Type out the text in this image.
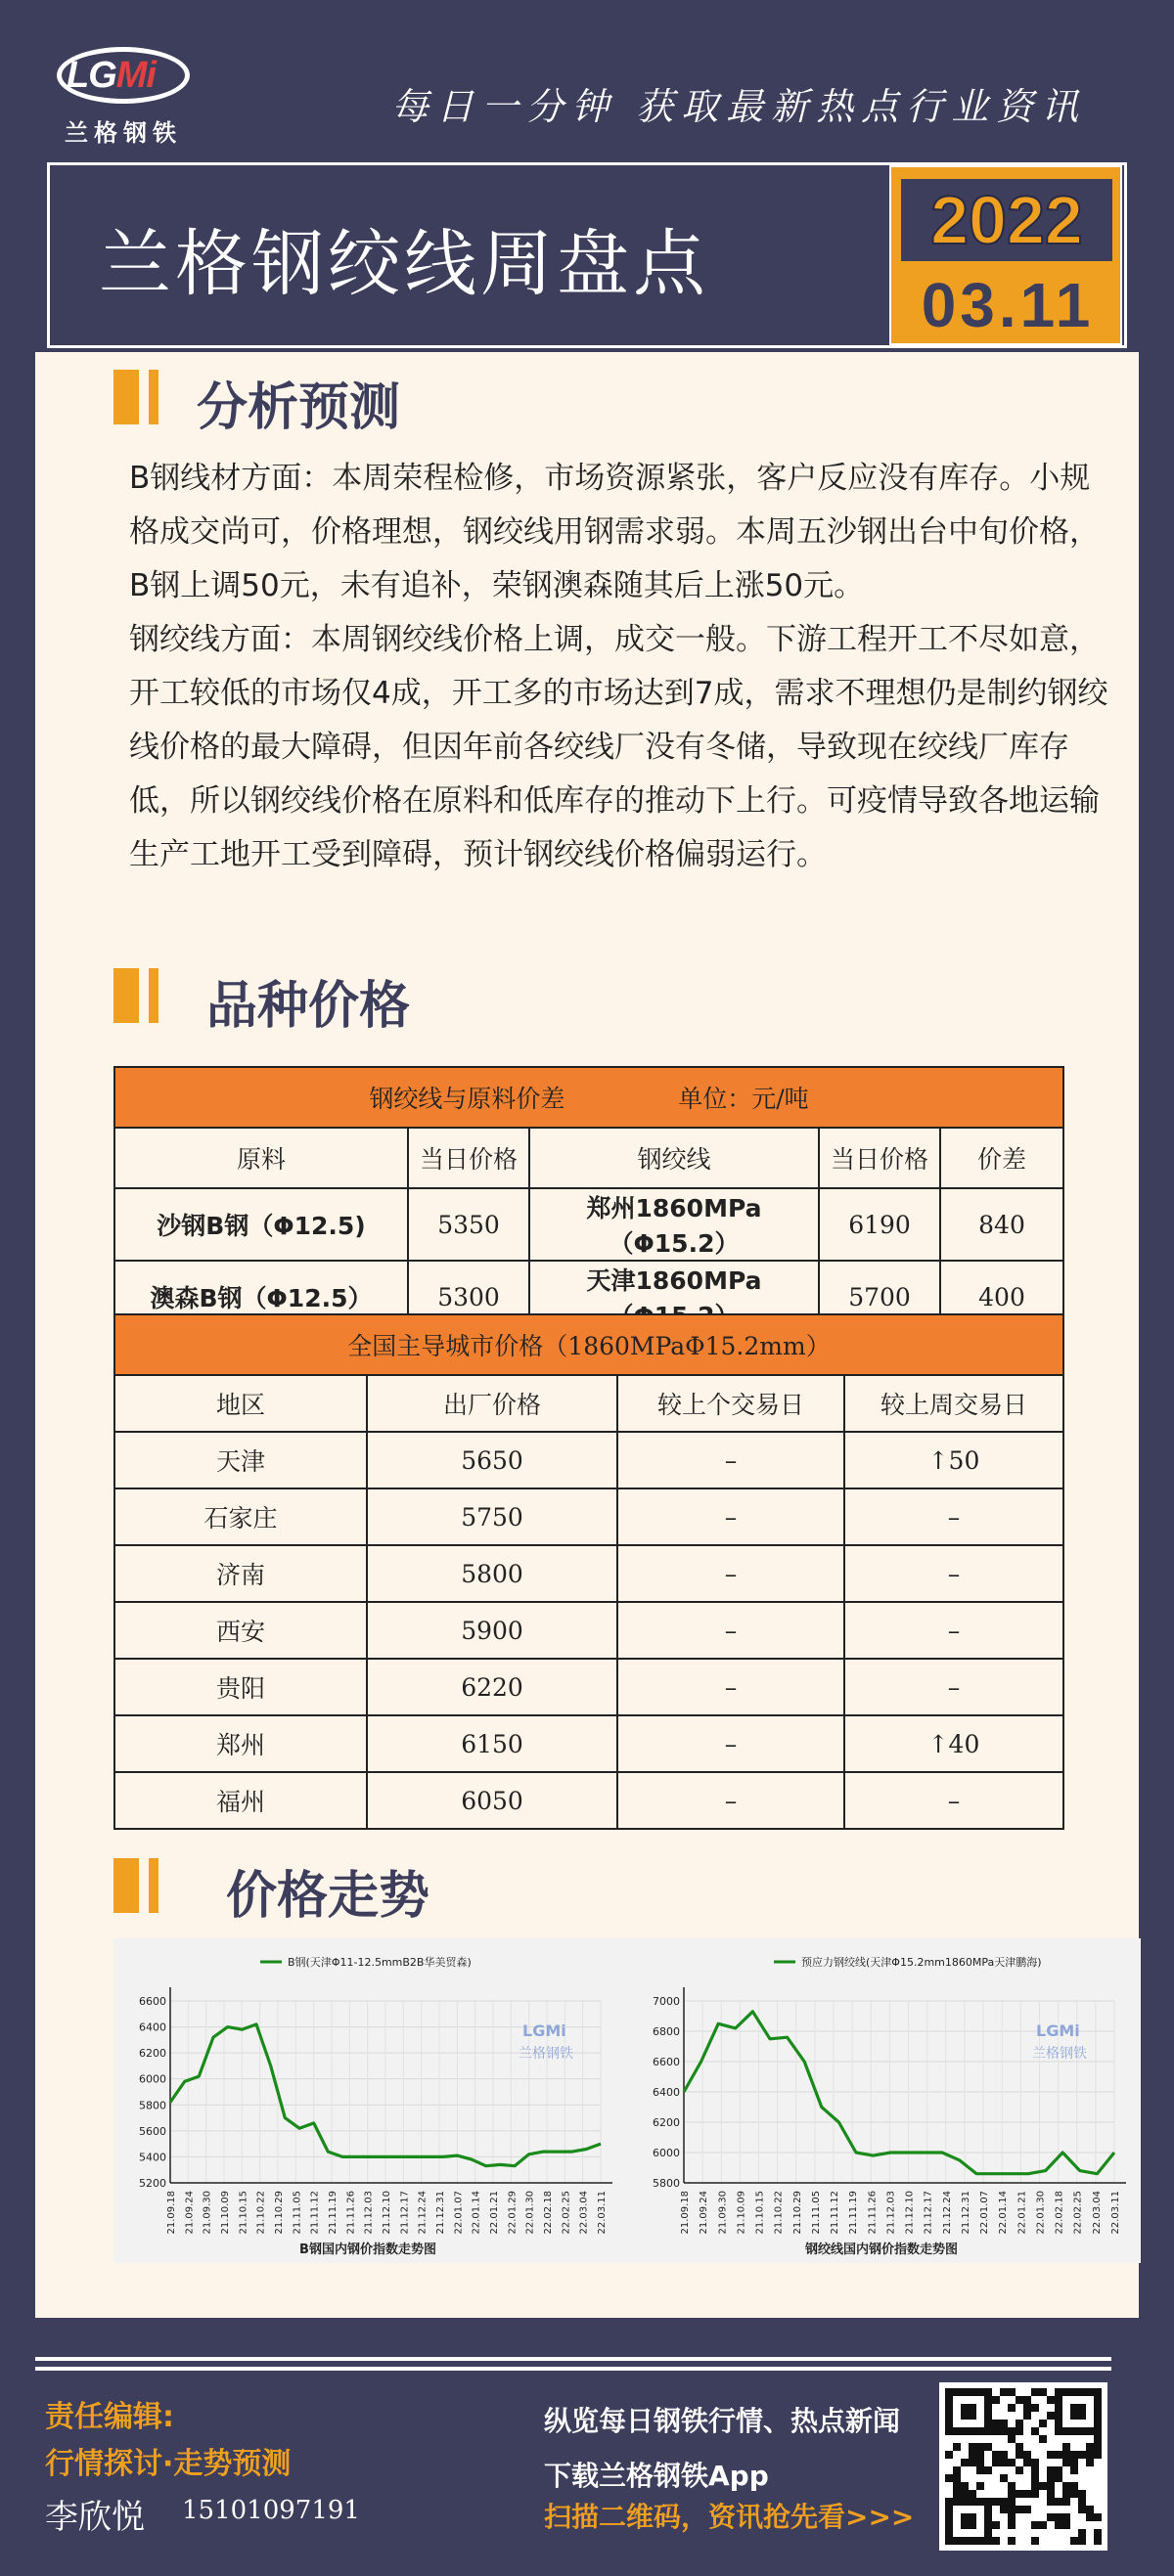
LGMi
兰格钢铁
每日一分钟 获取最新热点行业资讯
兰格钢绞线周盘点
2022
03.11
分析预测

B钢线材方面：本周荣程检修，市场资源紧张，客户反应没有库存。小规格成交尚可，价格理想，钢绞线用钢需求弱。本周五沙钢出台中旬价格，B钢上调50元，未有追补，荣钢澳森随其后上涨50元。

钢绞线方面：本周钢绞线价格上调，成交一般。下游工程开工不尽如意，开工较低的市场仅4成，开工多的市场达到7成，需求不理想仍是制约钢绞线价格的最大障碍，但因年前各绞线厂没有冬储，导致现在绞线厂库存低，所以钢绞线价格在原料和低库存的推动下上行。可疫情导致各地运输生产工地开工受到障碍，预计钢绞线价格偏弱运行。

品种价格
钢绞线与原料价差 单位：元/吨				
原料	当日价格	钢绞线	当日价格	价差
沙钢B钢（Φ12.5)	5350	郑州1860MPa（Φ15.2）	6190	840
澳森B钢（Φ12.5）	5300	天津1860MPa	5700	400
全国主导城市价格（1860MPaΦ15.2mm）			
地区	出厂价格	较上个交易日	较上周交易日
天津	5650	–	↑50
石家庄	5750	–	–
济南	5800	–	–
西安	5900	–	–
贵阳	6220	–	–
郑州	6150	–	↑40
福州	6050	–	–
价格走势
6600
6400
6200
6000
5800
5600
5400
5200
21.09.18 21.09.24 21.09.30 21.10.09 21.10.15 21.10.22 21.10.29 21.11.05 21.11.12 21.11.19 21.11.26 21.12.03 21.12.10 21.12.17 21.12.24 21.12.31 22.01.07 22.01.14 22.01.21 22.01.29 22.01.30 22.02.18 22.02.25 22.03.04 22.03.11
B钢(天津Φ11-12.5mmB2B华美贸森)
LGMi
兰格钢铁
B钢国内钢价指数走势图
7000
6800
6600
6400
6200
6000
5800
21.09.18 21.09.24 21.09.30 21.10.09 21.10.15 21.10.22 21.10.29 21.11.05 21.11.12 21.11.19 21.11.26 21.12.03 21.12.10 21.12.17 21.12.24 21.12.31 22.01.07 22.01.14 22.01.21 22.01.30 22.02.18 22.02.25 22.03.04 22.03.11
预应力钢绞线(天津Φ15.2mm1860MPa天津鹏海)
LGMi
兰格钢铁
钢绞线国内钢价指数走势图
责任编辑:
行情探讨·走势预测
李欣悦 15101097191
纵览每日钢铁行情、热点新闻
下载兰格钢铁App
扫描二维码，资讯抢先看>>>
